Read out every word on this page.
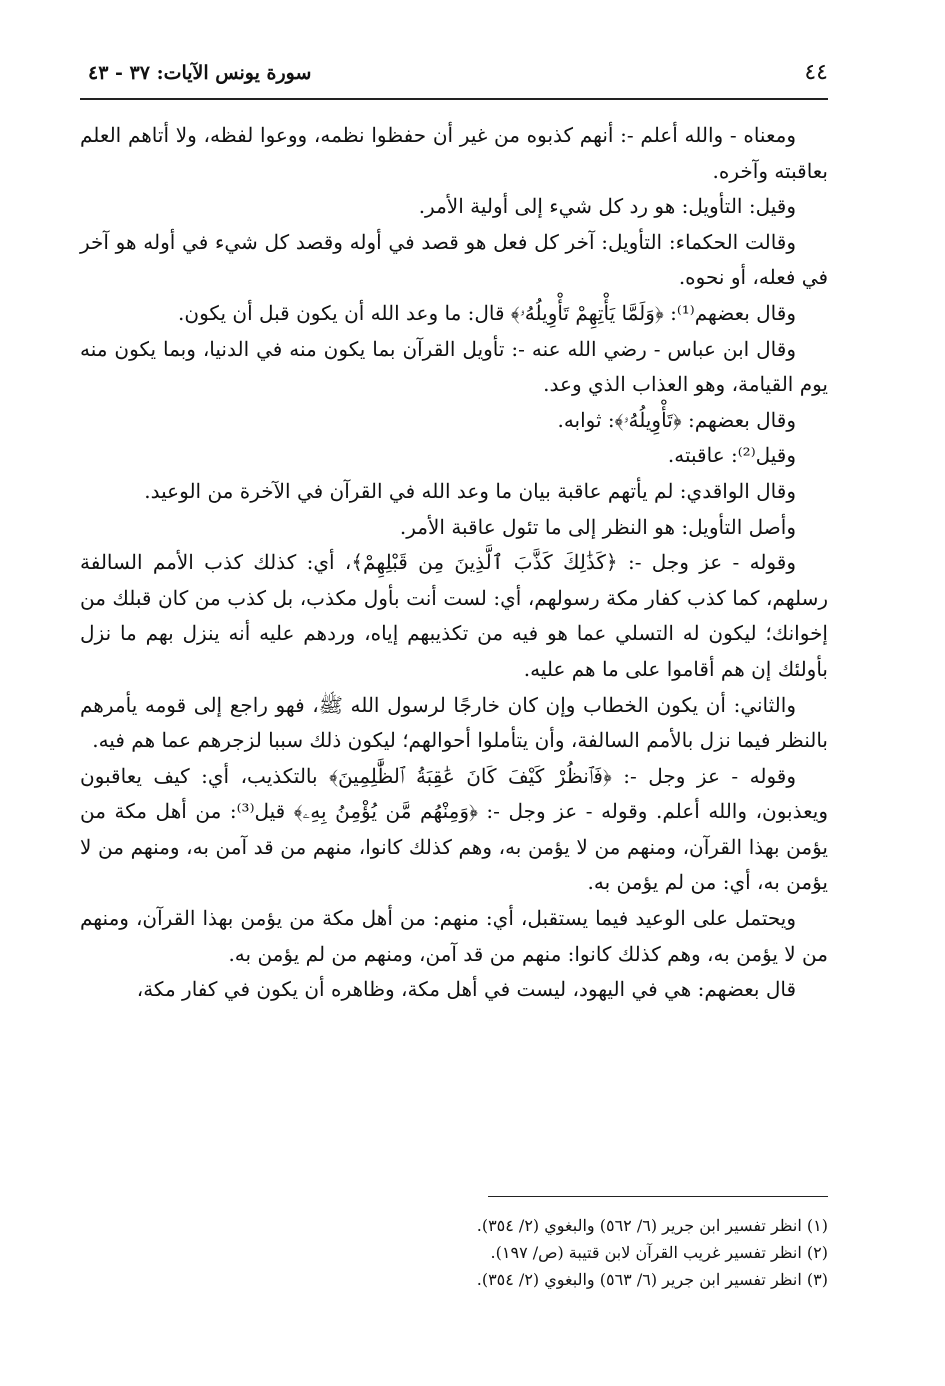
٤٤
سورة يونس الآيات: ٣٧ - ٤٣

ومعناه - والله أعلم -: أنهم كذبوه من غير أن حفظوا نظمه، ووعوا لفظه، ولا أتاهم العلم بعاقبته وآخره.

وقيل: التأويل: هو رد كل شيء إلى أولية الأمر.

وقالت الحكماء: التأويل: آخر كل فعل هو قصد في أوله وقصد كل شيء في أوله هو آخر في فعله، أو نحوه.

وقال بعضهم⁽¹⁾: ﴿وَلَمَّا يَأْتِهِمْ تَأْوِيلُهُۥ﴾ قال: ما وعد الله أن يكون قبل أن يكون.

وقال ابن عباس - رضي الله عنه -: تأويل القرآن بما يكون منه في الدنيا، وبما يكون منه يوم القيامة، وهو العذاب الذي وعد.

وقال بعضهم: ﴿تَأْوِيلُهُۥ﴾: ثوابه.

وقيل⁽²⁾: عاقبته.

وقال الواقدي: لم يأتهم عاقبة بيان ما وعد الله في القرآن في الآخرة من الوعيد.

وأصل التأويل: هو النظر إلى ما تئول عاقبة الأمر.

وقوله - عز وجل -: ﴿كَذَٰلِكَ كَذَّبَ ٱلَّذِينَ مِن قَبْلِهِمْ﴾، أي: كذلك كذب الأمم السالفة رسلهم، كما كذب كفار مكة رسولهم، أي: لست أنت بأول مكذب، بل كذب من كان قبلك من إخوانك؛ ليكون له التسلي عما هو فيه من تكذيبهم إياه، وردهم عليه أنه ينزل بهم ما نزل بأولئك إن هم أقاموا على ما هم عليه.

والثاني: أن يكون الخطاب وإن كان خارجًا لرسول الله ﷺ، فهو راجع إلى قومه يأمرهم بالنظر فيما نزل بالأمم السالفة، وأن يتأملوا أحوالهم؛ ليكون ذلك سببا لزجرهم عما هم فيه.

وقوله - عز وجل -: ﴿فَٱنظُرْ كَيْفَ كَانَ عَٰقِبَةُ ٱلظَّٰلِمِينَ﴾ بالتكذيب، أي: كيف يعاقبون ويعذبون، والله أعلم. وقوله - عز وجل -: ﴿وَمِنْهُم مَّن يُؤْمِنُ بِهِۦ﴾ قيل⁽³⁾: من أهل مكة من يؤمن بهذا القرآن، ومنهم من لا يؤمن به، وهم كذلك كانوا، منهم من قد آمن به، ومنهم من لا يؤمن به، أي: من لم يؤمن به.

ويحتمل على الوعيد فيما يستقبل، أي: منهم: من أهل مكة من يؤمن بهذا القرآن، ومنهم من لا يؤمن به، وهم كذلك كانوا: منهم من قد آمن، ومنهم من لم يؤمن به.

قال بعضهم: هي في اليهود، ليست في أهل مكة، وظاهره أن يكون في كفار مكة،

(١) انظر تفسير ابن جرير (٦/ ٥٦٢) والبغوي (٢/ ٣٥٤).

(٢) انظر تفسير غريب القرآن لابن قتيبة (ص/ ١٩٧).

(٣) انظر تفسير ابن جرير (٦/ ٥٦٣) والبغوي (٢/ ٣٥٤).
